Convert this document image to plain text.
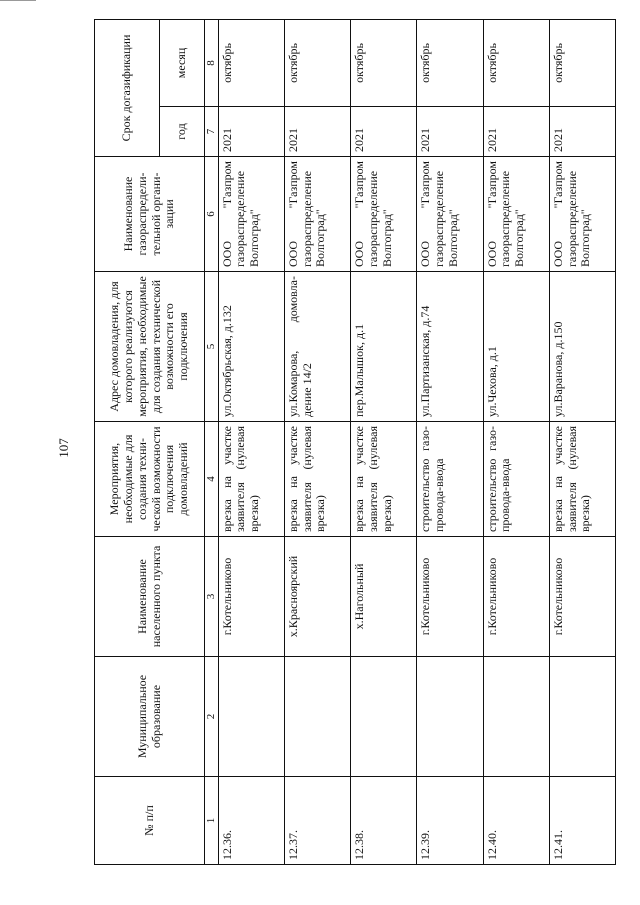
107
№ п/п	Муниципальное образование	Наименование населенного пункта	Мероприятия, необходимые для создания техни-ческой возможности подключения домовладений	Адрес домовладения, для которого реализуются мероприятия, необходимые для создания технической возможности его подключения	Наименование газораспредели-тельной органи-зации	Срок догазификации	
						год	месяц
1	2	3	4	5	6	7	8
12.36.		г.Котельниково	врезка на участке заявителя (нулевая врезка)	ул.Октябрьская, д.132	ООО "Газпром газораспределение Волгоград"	2021	октябрь
12.37.		х.Красноярский	врезка на участке заявителя (нулевая врезка)	ул.Комарова, домовла-дение 14/2	ООО "Газпром газораспределение Волгоград"	2021	октябрь
12.38.		х.Нагольный	врезка на участке заявителя (нулевая врезка)	пер.Малышок, д.1	ООО "Газпром газораспределение Волгоград"	2021	октябрь
12.39.		г.Котельниково	строительство газо-провода-ввода	ул.Партизанская, д.74	ООО "Газпром газораспределение Волгоград"	2021	октябрь
12.40.		г.Котельниково	строительство газо-провода-ввода	ул.Чехова, д.1	ООО "Газпром газораспределение Волгоград"	2021	октябрь
12.41.		г.Котельниково	врезка на участке заявителя (нулевая врезка)	ул.Варанова, д.150	ООО "Газпром газораспределение Волгоград"	2021	октябрь
